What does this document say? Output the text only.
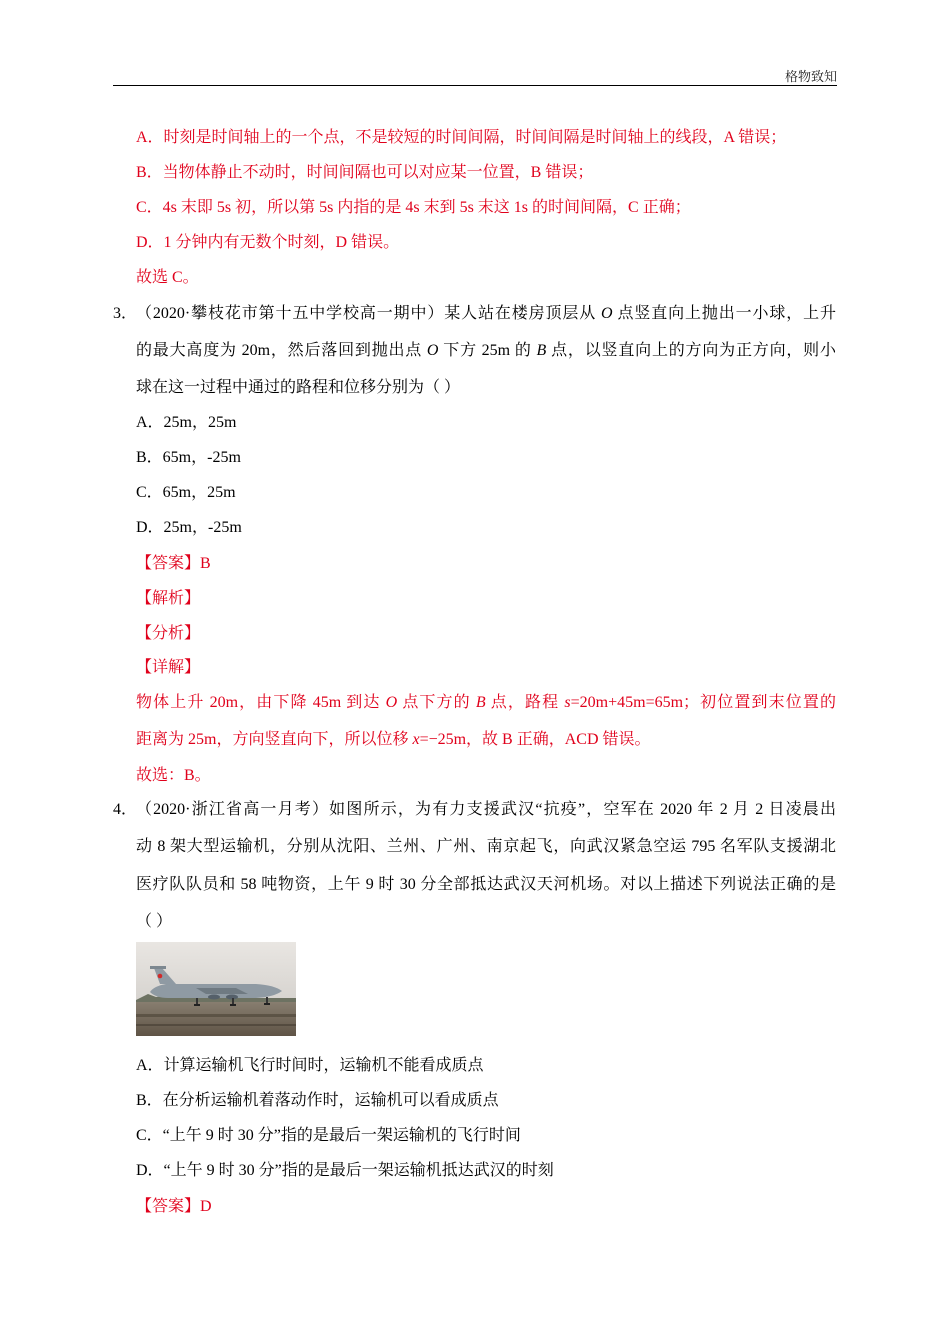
格物致知
A．时刻是时间轴上的一个点，不是较短的时间间隔，时间间隔是时间轴上的线段，A 错误；
B．当物体静止不动时，时间间隔也可以对应某一位置，B 错误；
C．4s 末即 5s 初，所以第 5s 内指的是 4s 末到 5s 末这 1s 的时间间隔，C 正确；
D．1 分钟内有无数个时刻，D 错误。
故选 C。
3．
（2020·攀枝花市第十五中学校高一期中）某人站在楼房顶层从 O 点竖直向上抛出一小球，上升
的最大高度为 20m，然后落回到抛出点 O 下方 25m 的 B 点，以竖直向上的方向为正方向，则小
球在这一过程中通过的路程和位移分别为（ ）
A．25m，25m
B．65m，-25m
C．65m，25m
D．25m，-25m
【答案】B
【解析】
【分析】
【详解】
物体上升 20m，由下降 45m 到达 O 点下方的 B 点，路程 s=20m+45m=65m；初位置到末位置的
距离为 25m，方向竖直向下，所以位移 x=−25m，故 B 正确，ACD 错误。
故选：B。
4．
（2020·浙江省高一月考）如图所示，为有力支援武汉“抗疫”，空军在 2020 年 2 月 2 日凌晨出
动 8 架大型运输机，分别从沈阳、兰州、广州、南京起飞，向武汉紧急空运 795 名军队支援湖北
医疗队队员和 58 吨物资，上午 9 时 30 分全部抵达武汉天河机场。对以上描述下列说法正确的是
（ ）
A．计算运输机飞行时间时，运输机不能看成质点
B．在分析运输机着落动作时，运输机可以看成质点
C．“上午 9 时 30 分”指的是最后一架运输机的飞行时间
D．“上午 9 时 30 分”指的是最后一架运输机抵达武汉的时刻
【答案】D
